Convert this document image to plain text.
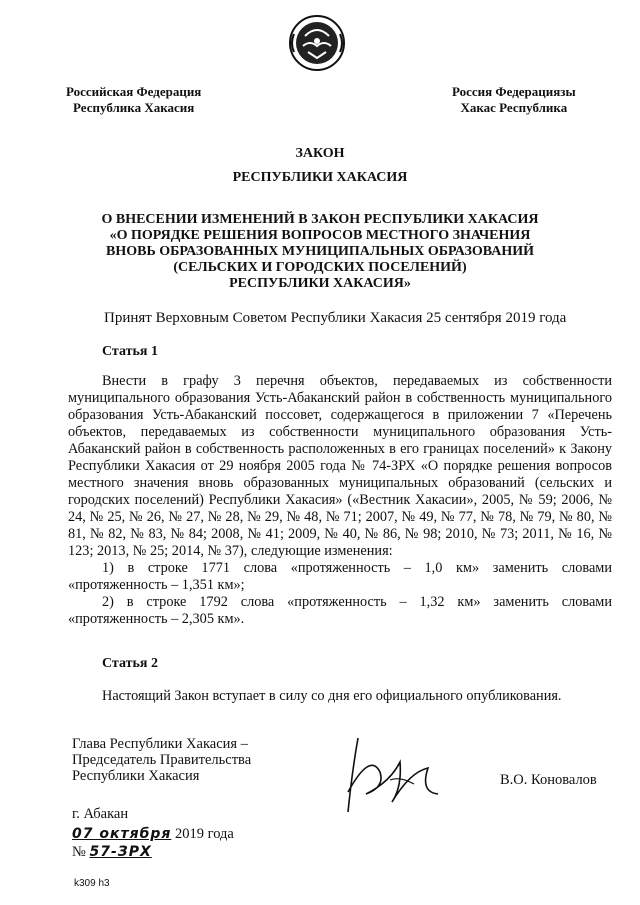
Российская Федерация
Республика Хакасия
Россия Федерациязы
Хакас Республика
ЗАКОН
РЕСПУБЛИКИ ХАКАСИЯ
О ВНЕСЕНИИ ИЗМЕНЕНИЙ В ЗАКОН РЕСПУБЛИКИ ХАКАСИЯ
«О ПОРЯДКЕ РЕШЕНИЯ ВОПРОСОВ МЕСТНОГО ЗНАЧЕНИЯ
ВНОВЬ ОБРАЗОВАННЫХ МУНИЦИПАЛЬНЫХ ОБРАЗОВАНИЙ
(СЕЛЬСКИХ И ГОРОДСКИХ ПОСЕЛЕНИЙ)
РЕСПУБЛИКИ ХАКАСИЯ»
Принят Верховным Советом Республики Хакасия 25 сентября 2019 года
Статья 1

Внести в графу 3 перечня объектов, передаваемых из собственности муниципального образования Усть-Абаканский район в собственность муниципального образования Усть-Абаканский поссовет, содержащегося в приложении 7 «Перечень объектов, передаваемых из собственности муниципального образования Усть-Абаканский район в собственность расположенных в его границах поселений» к Закону Республики Хакасия от 29 ноября 2005 года № 74-ЗРХ «О порядке решения вопросов местного значения вновь образованных муниципальных образований (сельских и городских поселений) Республики Хакасия» («Вестник Хакасии», 2005, № 59; 2006, № 24, № 25, № 26, № 27, № 28, № 29, № 48, № 71; 2007, № 49, № 77, № 78, № 79, № 80, № 81, № 82, № 83, № 84; 2008, № 41; 2009, № 40, № 86, № 98; 2010, № 73; 2011, № 16, № 123; 2013, № 25; 2014, № 37), следующие изменения:

1) в строке 1771 слова «протяженность – 1,0 км» заменить словами «протяженность – 1,351 км»;

2) в строке 1792 слова «протяженность – 1,32 км» заменить словами «протяженность – 2,305 км».

Статья 2

Настоящий Закон вступает в силу со дня его официального опубликования.

Глава Республики Хакасия –
Председатель Правительства
Республики Хакасия	В.О. Коновалов
г. Абакан
07 октября 2019 года
№ 57-ЗРХ
k309 h3
